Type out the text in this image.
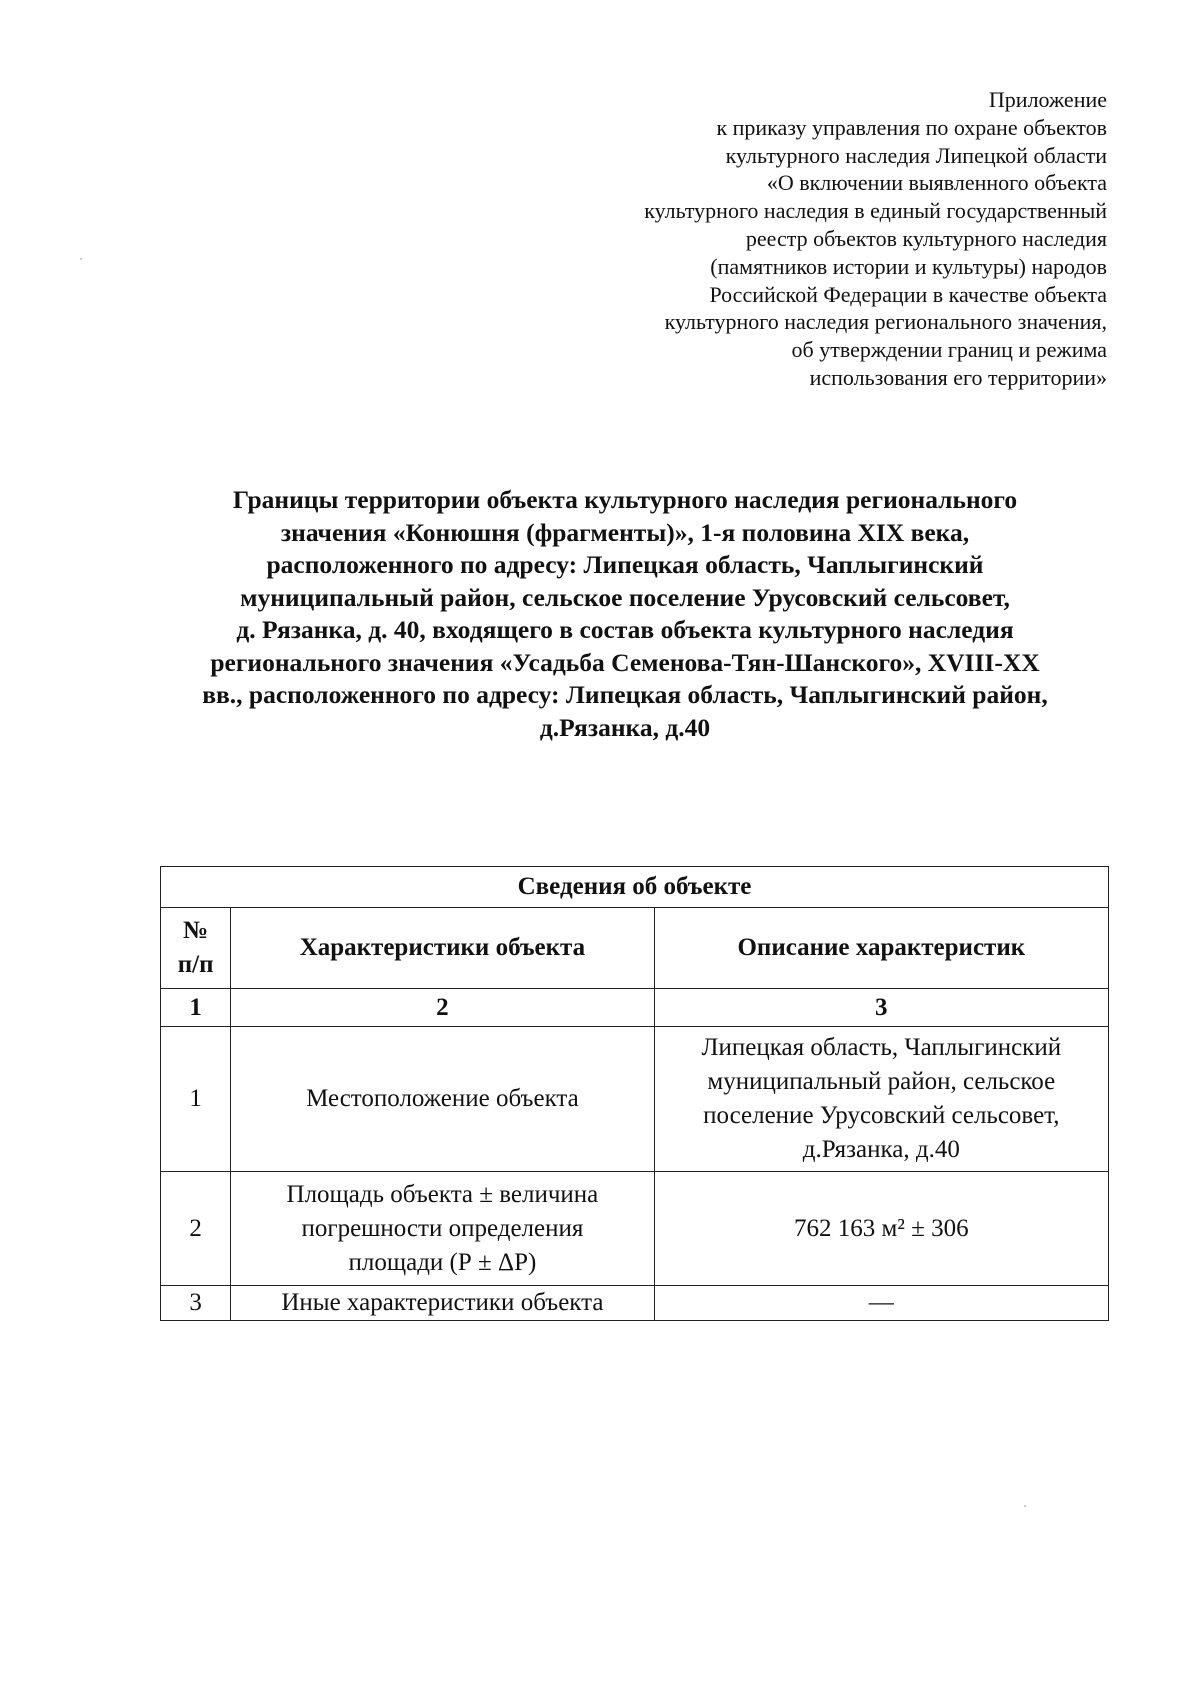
Приложение
к приказу управления по охране объектов
культурного наследия Липецкой области
«О включении выявленного объекта
культурного наследия в единый государственный
реестр объектов культурного наследия
(памятников истории и культуры) народов
Российской Федерации в качестве объекта
культурного наследия регионального значения,
об утверждении границ и режима
использования его территории»
Границы территории объекта культурного наследия регионального
значения «Конюшня (фрагменты)», 1-я половина XIX века,
расположенного по адресу: Липецкая область, Чаплыгинский
муниципальный район, сельское поселение Урусовский сельсовет,
д. Рязанка, д. 40, входящего в состав объекта культурного наследия
регионального значения «Усадьба Семенова-Тян-Шанского», XVIII-XX
вв., расположенного по адресу: Липецкая область, Чаплыгинский район,
д.Рязанка, д.40
Сведения об объекте		

№
п/п	Характеристики объекта	Описание характеристик
1	2	3
1	Местоположение объекта	Липецкая область, Чаплыгинский
муниципальный район, сельское
поселение Урусовский сельсовет,
д.Рязанка, д.40

2	Площадь объекта ± величина
погрешности определения
площади (Р ± ΔР)	762 163 м² ± 306

3	Иные характеристики объекта	—
